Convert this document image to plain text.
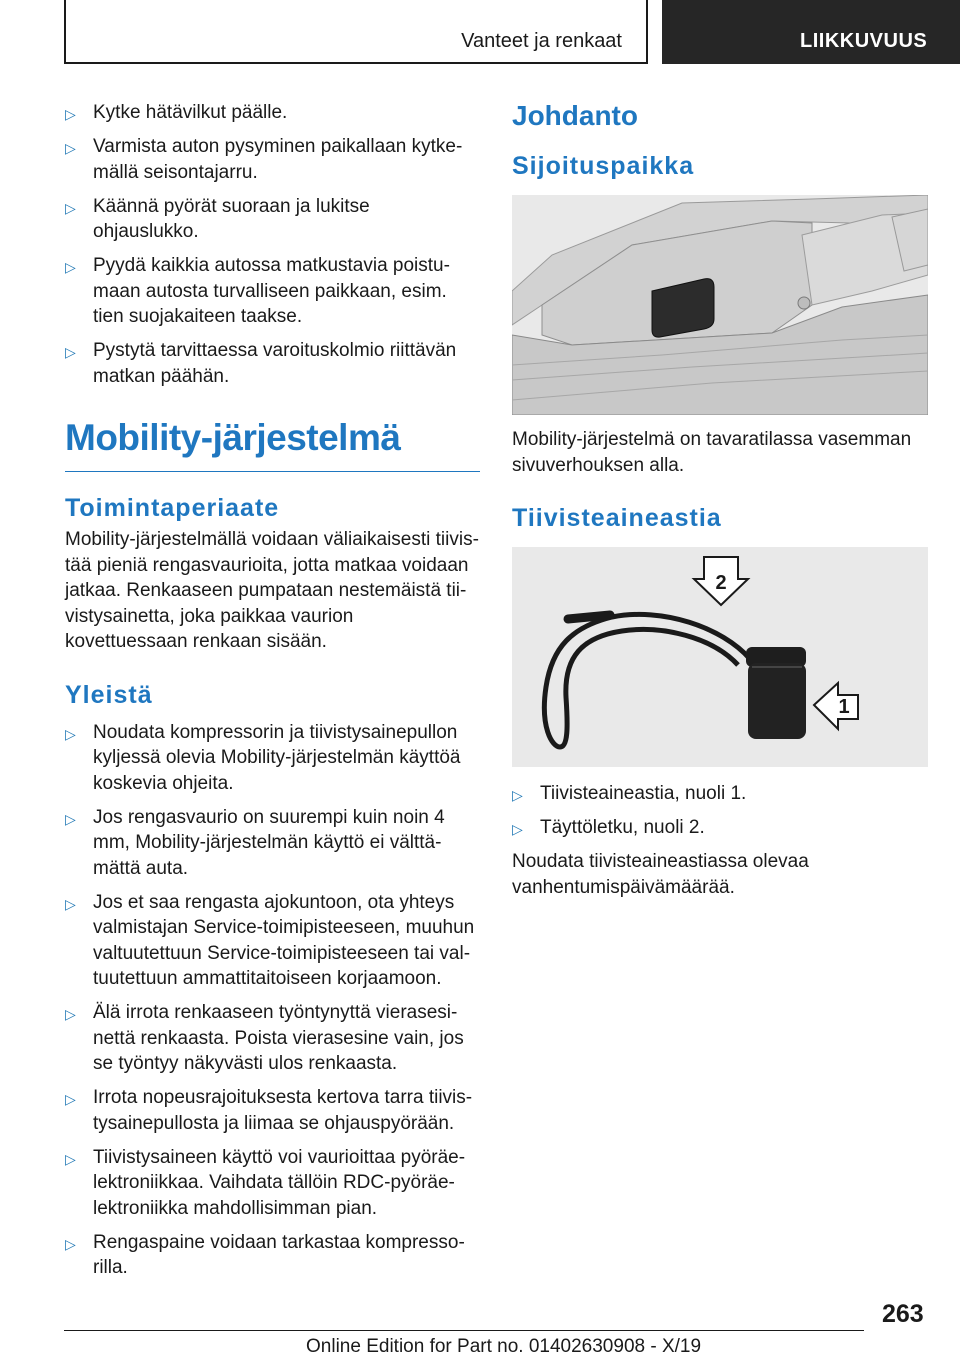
Vanteet ja renkaat	LIIKKUVUUS
▷ Kytke hätävilkut päälle.
▷ Varmista auton pysyminen paikallaan kytkemällä seisontajarru.
▷ Käännä pyörät suoraan ja lukitse ohjauslukko.
▷ Pyydä kaikkia autossa matkustavia poistumaan autosta turvalliseen paikkaan, esim. tien suojakaiteen taakse.
▷ Pystytä tarvittaessa varoituskolmio riittävän matkan päähän.
Mobility-järjestelmä
Toimintaperiaate

Mobility-järjestelmällä voidaan väliaikaisesti tiivistää pieniä rengasvaurioita, jotta matkaa voidaan jatkaa. Renkaaseen pumpataan nestemäistä tiivistysainetta, joka paikkaa vaurion kovettuessaan renkaan sisään.

Yleistä
▷ Noudata kompressorin ja tiivistysainepullon kyljessä olevia Mobility-järjestelmän käyttöä koskevia ohjeita.
▷ Jos rengasvaurio on suurempi kuin noin 4 mm, Mobility-järjestelmän käyttö ei välttämättä auta.
▷ Jos et saa rengasta ajokuntoon, ota yhteys valmistajan Service-toimipisteeseen, muuhun valtuutettuun Service-toimipisteeseen tai valtuutettuun ammattitaitoiseen korjaamoon.
▷ Älä irrota renkaaseen työntynyttä vierasesinettä renkaasta. Poista vierasesine vain, jos se työntyy näkyvästi ulos renkaasta.
▷ Irrota nopeusrajoituksesta kertova tarra tiivistysainepullosta ja liimaa se ohjauspyörään.
▷ Tiivistysaineen käyttö voi vaurioittaa pyöräelektroniikkaa. Vaihdata tällöin RDC-pyöräelektroniikka mahdollisimman pian.
▷ Rengaspaine voidaan tarkastaa kompressorilla.
Johdanto
Sijoituspaikka

Mobility-järjestelmä on tavaratilassa vasemman sivuverhouksen alla.

Tiivisteaineastia
2
1
▷ Tiivisteaineastia, nuoli 1.
▷ Täyttöletku, nuoli 2.

Noudata tiivisteaineastiassa olevaa vanhentumispäivämäärää.

263
Online Edition for Part no. 01402630908 - X/19
